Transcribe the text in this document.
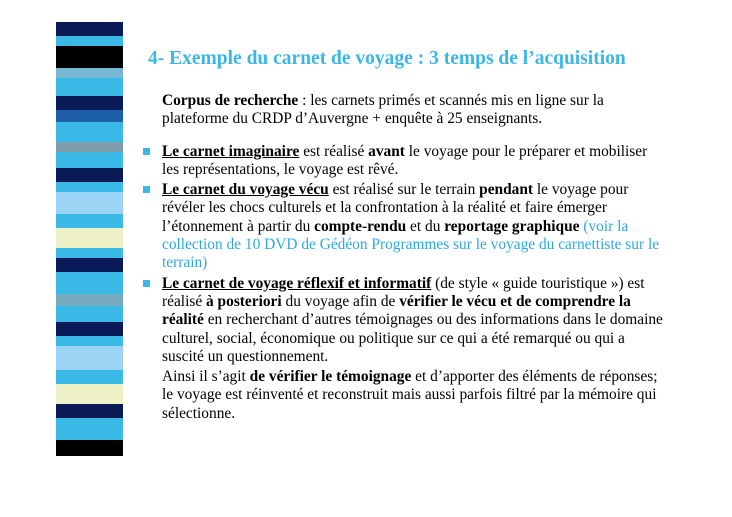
4- Exemple du carnet de voyage : 3 temps de l’acquisition

Corpus de recherche : les carnets primés et scannés mis en ligne sur la plateforme du CRDP d’Auvergne + enquête à 25 enseignants.

Le carnet imaginaire est réalisé avant le voyage pour le préparer et mobiliser les représentations, le voyage est rêvé.
Le carnet du voyage vécu est réalisé sur le terrain pendant le voyage pour révéler les chocs culturels et la confrontation à la réalité et faire émerger l’étonnement à partir du compte-rendu et du reportage graphique (voir la collection de 10 DVD de Gédéon Programmes sur le voyage du carnettiste sur le terrain)
Le carnet de voyage réflexif et informatif (de style « guide touristique ») est réalisé à posteriori du voyage afin de vérifier le vécu et de comprendre la réalité en recherchant d’autres témoignages ou des informations dans le domaine culturel, social, économique ou politique sur ce qui a été remarqué ou qui a suscité un questionnement.

Ainsi il s’agit de vérifier le témoignage et d’apporter des éléments de réponses; le voyage est réinventé et reconstruit mais aussi parfois filtré par la mémoire qui sélectionne.
